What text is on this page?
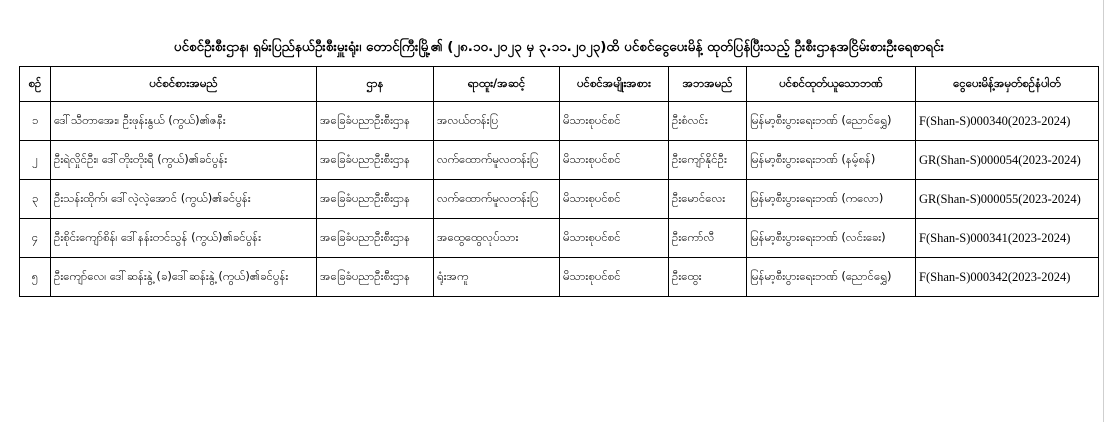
ပင်စင်ဦးစီးဌာန၊ ရှမ်းပြည်နယ်ဦးစီးမှူးရုံး၊ တောင်ကြီးမြို့၏ (၂၈.၁၀.၂၀၂၃ မှ ၃.၁၁.၂၀၂၃)ထိ ပင်စင်ငွေပေးမိန့် ထုတ်ပြန်ပြီးသည့် ဦးစီးဌာနအငြိမ်းစားဦးရေစာရင်း
စဉ်	ပင်စင်စားအမည်	ဌာန	ရာထူး/အဆင့်	ပင်စင်အမျိုးအစား	အဘအမည်	ပင်စင်ထုတ်ယူသောဘဏ်	ငွေပေးမိန့်အမှတ်စဉ်နံပါတ်
၁	ဒေါ်သီတာအေး၊ ဦးဖုန်းနွယ် (ကွယ်)၏ဇနီး	အခြေခံပညာဦးစီးဌာန	အလယ်တန်းပြ	မိသားစုပင်စင်	ဦးစံလင်း	မြန်မာ့စီးပွားရေးဘဏ် (ညောင်ရွှေ)	F(Shan-S)000340(2023-2024)
၂	ဦးရဲလှိုင်ဦး၊ ဒေါ်တိုးတိုးရီ (ကွယ်)၏ခင်ပွန်း	အခြေခံပညာဦးစီးဌာန	လက်ထောက်မူလတန်းပြ	မိသားစုပင်စင်	ဦးကျော်နိုင်ဦး	မြန်မာ့စီးပွားရေးဘဏ် (နမ့်စန်)	GR(Shan-S)000054(2023-2024)
၃	ဦးသန်းထိုက်၊ ဒေါ်လဲ့လဲ့အောင် (ကွယ်)၏ခင်ပွန်း	အခြေခံပညာဦးစီးဌာန	လက်ထောက်မူလတန်းပြ	မိသားစုပင်စင်	ဦးမောင်လေး	မြန်မာ့စီးပွားရေးဘဏ် (ကလော)	GR(Shan-S)000055(2023-2024)
၄	ဦးစိုင်းကျော်စိန်၊ ဒေါ်နန်းတင်သွန် (ကွယ်)၏ခင်ပွန်း	အခြေခံပညာဦးစီးဌာန	အထွေထွေလုပ်သား	မိသားစုပင်စင်	ဦးကော်လီ	မြန်မာ့စီးပွားရေးဘဏ် (လင်းခေး)	F(Shan-S)000341(2023-2024)
၅	ဦးကျော်လေ၊ ဒေါ်ဆန်းနွဲ့ (ခ)ဒေါ်ဆန်းနွဲ့ (ကွယ်)၏ခင်ပွန်း	အခြေခံပညာဦးစီးဌာန	ရုံးအကူ	မိသားစုပင်စင်	ဦးထွေး	မြန်မာ့စီးပွားရေးဘဏ် (ညောင်ရွှေ)	F(Shan-S)000342(2023-2024)
